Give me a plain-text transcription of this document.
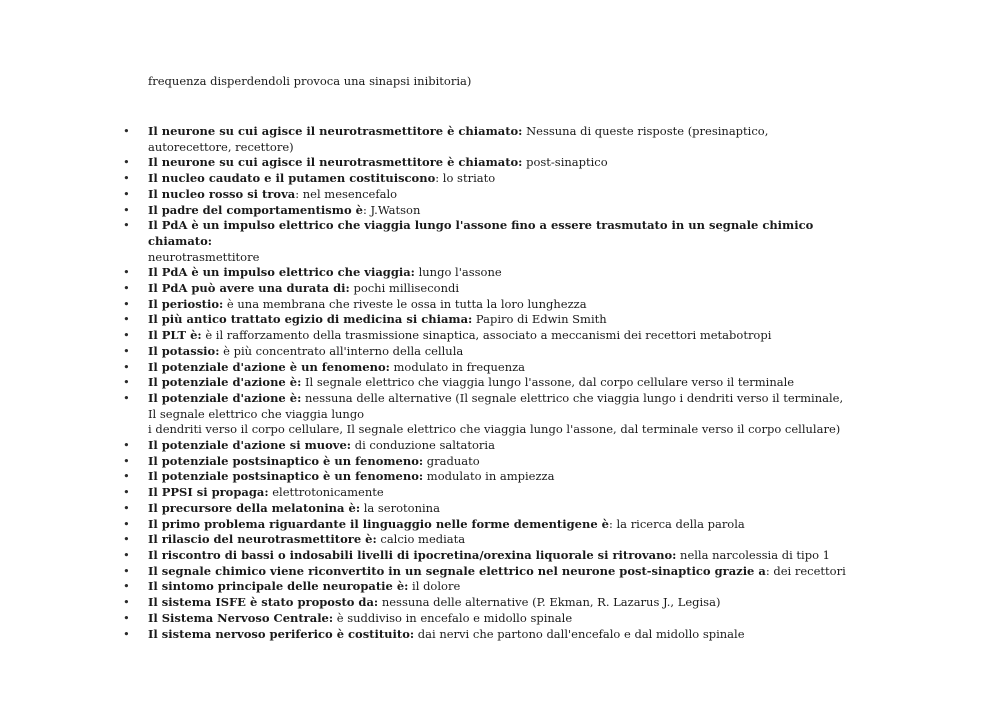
frequenza disperdendoli provoca una sinapsi inibitoria)
• Il neurone su cui agisce il neurotrasmettitore è chiamato: Nessuna di queste risposte (presinaptico, autorecettore, recettore)
• Il neurone su cui agisce il neurotrasmettitore è chiamato: post-sinaptico
• Il nucleo caudato e il putamen costituiscono: lo striato
• Il nucleo rosso si trova: nel mesencefalo
• Il padre del comportamentismo è: J.Watson
• Il PdA è un impulso elettrico che viaggia lungo l'assone fino a essere trasmutato in un segnale chimico chiamato:
neurotrasmettitore
• Il PdA è un impulso elettrico che viaggia: lungo l'assone
• Il PdA può avere una durata di: pochi millisecondi
• Il periostio: è una membrana che riveste le ossa in tutta la loro lunghezza
• Il più antico trattato egizio di medicina si chiama: Papiro di Edwin Smith
• Il PLT è: è il rafforzamento della trasmissione sinaptica, associato a meccanismi dei recettori metabotropi
• Il potassio: è più concentrato all'interno della cellula
• Il potenziale d'azione è un fenomeno: modulato in frequenza
• Il potenziale d'azione è: Il segnale elettrico che viaggia lungo l'assone, dal corpo cellulare verso il terminale
• Il potenziale d'azione è: nessuna delle alternative (Il segnale elettrico che viaggia lungo i dendriti verso il terminale, Il segnale elettrico che viaggia lungo
i dendriti verso il corpo cellulare, Il segnale elettrico che viaggia lungo l'assone, dal terminale verso il corpo cellulare)
• Il potenziale d'azione si muove: di conduzione saltatoria
• Il potenziale postsinaptico è un fenomeno: graduato
• Il potenziale postsinaptico è un fenomeno: modulato in ampiezza
• Il PPSI si propaga: elettrotonicamente
• Il precursore della melatonina è: la serotonina
• Il primo problema riguardante il linguaggio nelle forme dementigene è: la ricerca della parola
• Il rilascio del neurotrasmettitore è: calcio mediata
• Il riscontro di bassi o indosabili livelli di ipocretina/orexina liquorale si ritrovano: nella narcolessia di tipo 1
• Il segnale chimico viene riconvertito in un segnale elettrico nel neurone post-sinaptico grazie a: dei recettori
• Il sintomo principale delle neuropatie è: il dolore
• Il sistema ISFE è stato proposto da: nessuna delle alternative (P. Ekman, R. Lazarus J., Legisa)
• Il Sistema Nervoso Centrale: è suddiviso in encefalo e midollo spinale
• Il sistema nervoso periferico è costituito: dai nervi che partono dall'encefalo e dal midollo spinale
